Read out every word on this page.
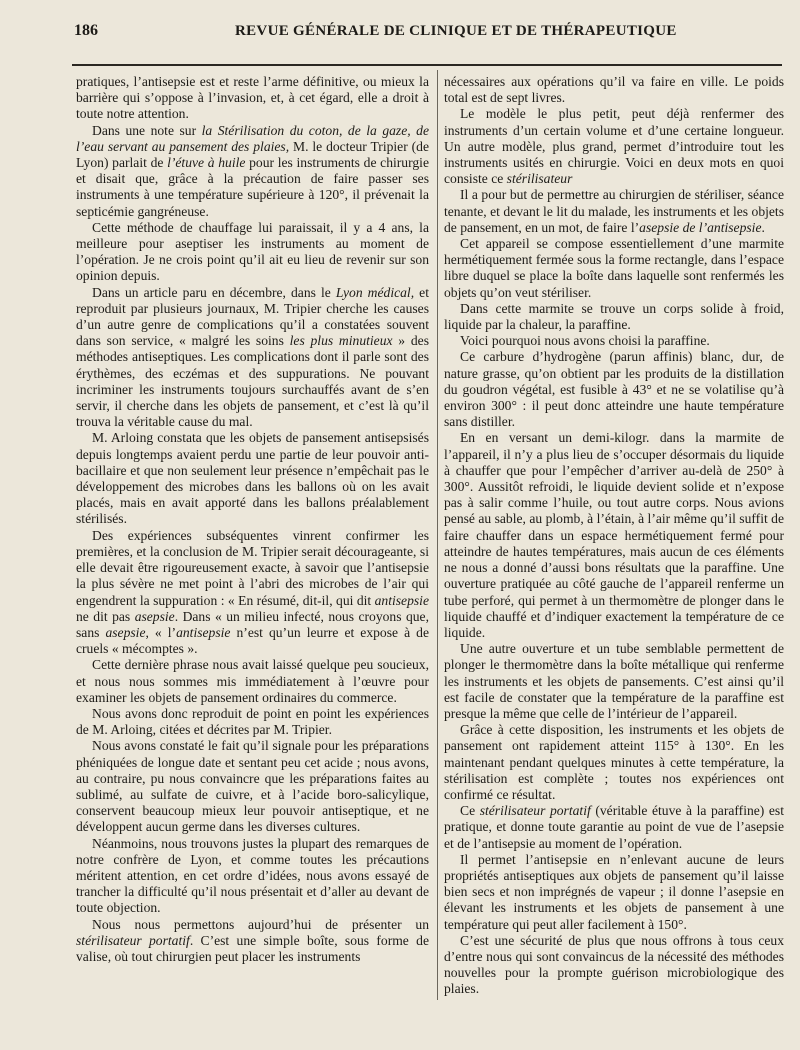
186	REVUE GÉNÉRALE DE CLINIQUE ET DE THÉRAPEUTIQUE

pratiques, l’antisepsie est et reste l’arme définitive, ou mieux la barrière qui s’oppose à l’invasion, et, à cet égard, elle a droit à toute notre attention.

Dans une note sur la Stérilisation du coton, de la gaze, de l’eau servant au pansement des plaies, M. le docteur Tripier (de Lyon) parlait de l’étuve à huile pour les instruments de chirurgie et disait que, grâce à la précaution de faire passer ses instruments à une température supérieure à 120°, il prévenait la septicémie gangréneuse.

Cette méthode de chauffage lui paraissait, il y a 4 ans, la meilleure pour aseptiser les instruments au moment de l’opération. Je ne crois point qu’il ait eu lieu de revenir sur son opinion depuis.

Dans un article paru en décembre, dans le Lyon médical, et reproduit par plusieurs journaux, M. Tripier cherche les causes d’un autre genre de complications qu’il a constatées souvent dans son service, « malgré les soins les plus minutieux » des méthodes antiseptiques. Les complications dont il parle sont des érythèmes, des eczémas et des suppurations. Ne pouvant incriminer les instruments toujours surchauffés avant de s’en servir, il cherche dans les objets de pansement, et c’est là qu’il trouva la véritable cause du mal.

M. Arloing constata que les objets de pansement antisepsisés depuis longtemps avaient perdu une partie de leur pouvoir anti-bacillaire et que non seulement leur présence n’empêchait pas le développement des microbes dans les ballons où on les avait placés, mais en avait apporté dans les ballons préalablement stérilisés.

Des expériences subséquentes vinrent confirmer les premières, et la conclusion de M. Tripier serait décourageante, si elle devait être rigoureusement exacte, à savoir que l’antisepsie la plus sévère ne met point à l’abri des microbes de l’air qui engendrent la suppuration : « En résumé, dit-il, qui dit antisepsie ne dit pas asepsie. Dans « un milieu infecté, nous croyons que, sans asepsie, « l’antisepsie n’est qu’un leurre et expose à de cruels « mécomptes ».

Cette dernière phrase nous avait laissé quelque peu soucieux, et nous nous sommes mis immédiatement à l’œuvre pour examiner les objets de pansement ordinaires du commerce.

Nous avons donc reproduit de point en point les expériences de M. Arloing, citées et décrites par M. Tripier.

Nous avons constaté le fait qu’il signale pour les préparations phéniquées de longue date et sentant peu cet acide ; nous avons, au contraire, pu nous convaincre que les préparations faites au sublimé, au sulfate de cuivre, et à l’acide boro-salicylique, conservent beaucoup mieux leur pouvoir antiseptique, et ne développent aucun germe dans les diverses cultures.

Néanmoins, nous trouvons justes la plupart des remarques de notre confrère de Lyon, et comme toutes les précautions méritent attention, en cet ordre d’idées, nous avons essayé de trancher la difficulté qu’il nous présentait et d’aller au devant de toute objection.

Nous nous permettons aujourd’hui de présenter un stérilisateur portatif. C’est une simple boîte, sous forme de valise, où tout chirurgien peut placer les instruments

nécessaires aux opérations qu’il va faire en ville. Le poids total est de sept livres.

Le modèle le plus petit, peut déjà renfermer des instruments d’un certain volume et d’une certaine longueur. Un autre modèle, plus grand, permet d’introduire tout les instruments usités en chirurgie. Voici en deux mots en quoi consiste ce stérilisateur

Il a pour but de permettre au chirurgien de stériliser, séance tenante, et devant le lit du malade, les instruments et les objets de pansement, en un mot, de faire l’asepsie de l’antisepsie.

Cet appareil se compose essentiellement d’une marmite hermétiquement fermée sous la forme rectangle, dans l’espace libre duquel se place la boîte dans laquelle sont renfermés les objets qu’on veut stériliser.

Dans cette marmite se trouve un corps solide à froid, liquide par la chaleur, la paraffine.

Voici pourquoi nous avons choisi la paraffine.

Ce carbure d’hydrogène (parun affinis) blanc, dur, de nature grasse, qu’on obtient par les produits de la distillation du goudron végétal, est fusible à 43° et ne se volatilise qu’à environ 300° : il peut donc atteindre une haute température sans distiller.

En en versant un demi-kilogr. dans la marmite de l’appareil, il n’y a plus lieu de s’occuper désormais du liquide à chauffer que pour l’empêcher d’arriver au-delà de 250° à 300°. Aussitôt refroidi, le liquide devient solide et n’expose pas à salir comme l’huile, ou tout autre corps. Nous avions pensé au sable, au plomb, à l’étain, à l’air même qu’il suffit de faire chauffer dans un espace hermétiquement fermé pour atteindre de hautes températures, mais aucun de ces éléments ne nous a donné d’aussi bons résultats que la paraffine. Une ouverture pratiquée au côté gauche de l’appareil renferme un tube perforé, qui permet à un thermomètre de plonger dans le liquide chauffé et d’indiquer exactement la température de ce liquide.

Une autre ouverture et un tube semblable permettent de plonger le thermomètre dans la boîte métallique qui renferme les instruments et les objets de pansements. C’est ainsi qu’il est facile de constater que la température de la paraffine est presque la même que celle de l’intérieur de l’appareil.

Grâce à cette disposition, les instruments et les objets de pansement ont rapidement atteint 115° à 130°. En les maintenant pendant quelques minutes à cette température, la stérilisation est complète ; toutes nos expériences ont confirmé ce résultat.

Ce stérilisateur portatif (véritable étuve à la paraffine) est pratique, et donne toute garantie au point de vue de l’asepsie et de l’antisepsie au moment de l’opération.

Il permet l’antisepsie en n’enlevant aucune de leurs propriétés antiseptiques aux objets de pansement qu’il laisse bien secs et non imprégnés de vapeur ; il donne l’asepsie en élevant les instruments et les objets de pansement à une température qui peut aller facilement à 150°.

C’est une sécurité de plus que nous offrons à tous ceux d’entre nous qui sont convaincus de la nécessité des méthodes nouvelles pour la prompte guérison microbiologique des plaies.
